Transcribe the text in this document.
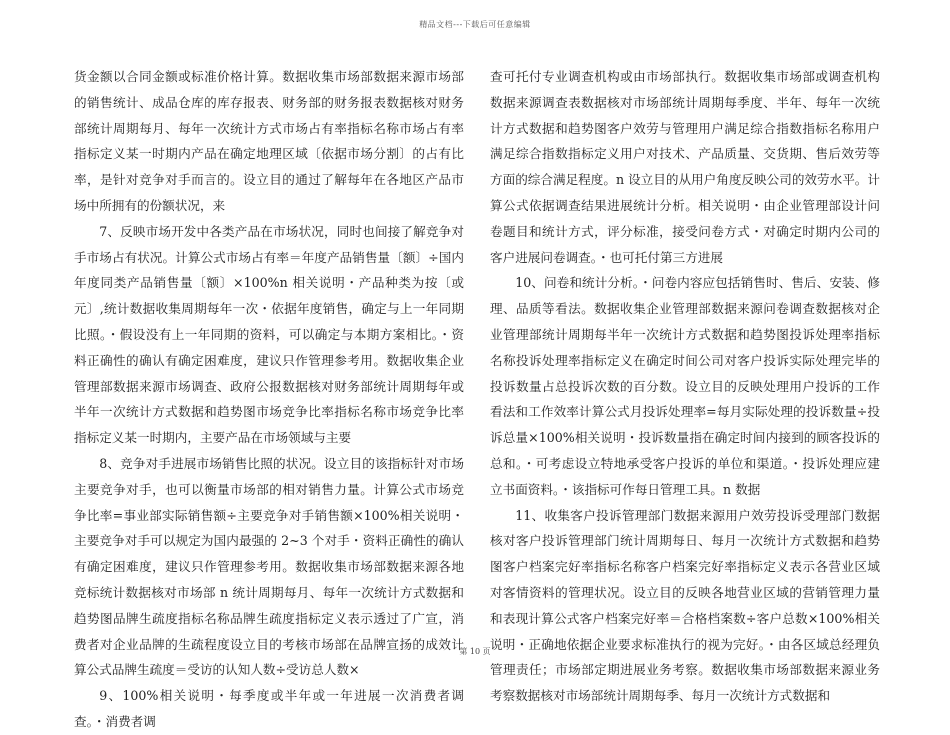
精品文档---下载后可任意编辑

货金额以合同金额或标准价格计算。数据收集市场部数据来源市场部的销售统计、成品仓库的库存报表、财务部的财务报表数据核对财务部统计周期每月、每年一次统计方式市场占有率指标名称市场占有率指标定义某一时期内产品在确定地理区域〔依据市场分割〕的占有比率，是针对竞争对手而言的。设立目的通过了解每年在各地区产品市场中所拥有的份额状况，来

7、反映市场开发中各类产品在市场状况，同时也间接了解竞争对手市场占有状况。计算公式市场占有率＝年度产品销售量〔额〕÷国内年度同类产品销售量〔额〕×100%n 相关说明・产品种类为按〔或元〕,统计数据收集周期每年一次・依据年度销售，确定与上一年同期比照。・假设没有上一年同期的资料，可以确定与本期方案相比。・资料正确性的确认有确定困难度，建议只作管理参考用。数据收集企业管理部数据来源市场调查、政府公报数据核对财务部统计周期每年或半年一次统计方式数据和趋势图市场竞争比率指标名称市场竞争比率指标定义某一时期内，主要产品在市场领域与主要

8、竞争对手进展市场销售比照的状况。设立目的该指标针对市场主要竞争对手，也可以衡量市场部的相对销售力量。计算公式市场竞争比率=事业部实际销售额÷主要竞争对手销售额×100%相关说明・主要竞争对手可以规定为国内最强的 2~3 个对手・资料正确性的确认有确定困难度，建议只作管理参考用。数据收集市场部数据来源各地竞标统计数据核对市场部 n 统计周期每月、每年一次统计方式数据和趋势图品牌生疏度指标名称品牌生疏度指标定义表示透过了广宣，消费者对企业品牌的生疏程度设立目的考核市场部在品牌宣扬的成效计算公式品牌生疏度＝受访的认知人数÷受访总人数×

9、100%相关说明・每季度或半年或一年进展一次消费者调查。・消费者调

查可托付专业调查机构或由市场部执行。数据收集市场部或调查机构数据来源调查表数据核对市场部统计周期每季度、半年、每年一次统计方式数据和趋势图客户效劳与管理用户满足综合指数指标名称用户满足综合指数指标定义用户对技术、产品质量、交货期、售后效劳等方面的综合满足程度。n 设立目的从用户角度反映公司的效劳水平。计算公式依据调查结果进展统计分析。相关说明・由企业管理部设计问卷题目和统计方式，评分标准，接受问卷方式・对确定时期内公司的客户进展问卷调查。・也可托付第三方进展

10、问卷和统计分析。・问卷内容应包括销售时、售后、安装、修理、品质等看法。数据收集企业管理部数据来源问卷调查数据核对企业管理部统计周期每半年一次统计方式数据和趋势图投诉处理率指标名称投诉处理率指标定义在确定时间公司对客户投诉实际处理完毕的投诉数量占总投诉次数的百分数。设立目的反映处理用户投诉的工作看法和工作效率计算公式月投诉处理率=每月实际处理的投诉数量÷投诉总量×100%相关说明・投诉数量指在确定时间内接到的顾客投诉的总和。・可考虑设立特地承受客户投诉的单位和渠道。・投诉处理应建立书面资料。・该指标可作每日管理工具。n 数据

11、收集客户投诉管理部门数据来源用户效劳投诉受理部门数据核对客户投诉管理部门统计周期每日、每月一次统计方式数据和趋势图客户档案完好率指标名称客户档案完好率指标定义表示各营业区域对客情资料的管理状况。设立目的反映各地营业区域的营销管理力量和表现计算公式客户档案完好率＝合格档案数÷客户总数×100%相关说明・正确地依据企业要求标准执行的视为完好。・由各区域总经理负管理责任；市场部定期进展业务考察。数据收集市场部数据来源业务考察数据核对市场部统计周期每季、每月一次统计方式数据和

第 10 页
